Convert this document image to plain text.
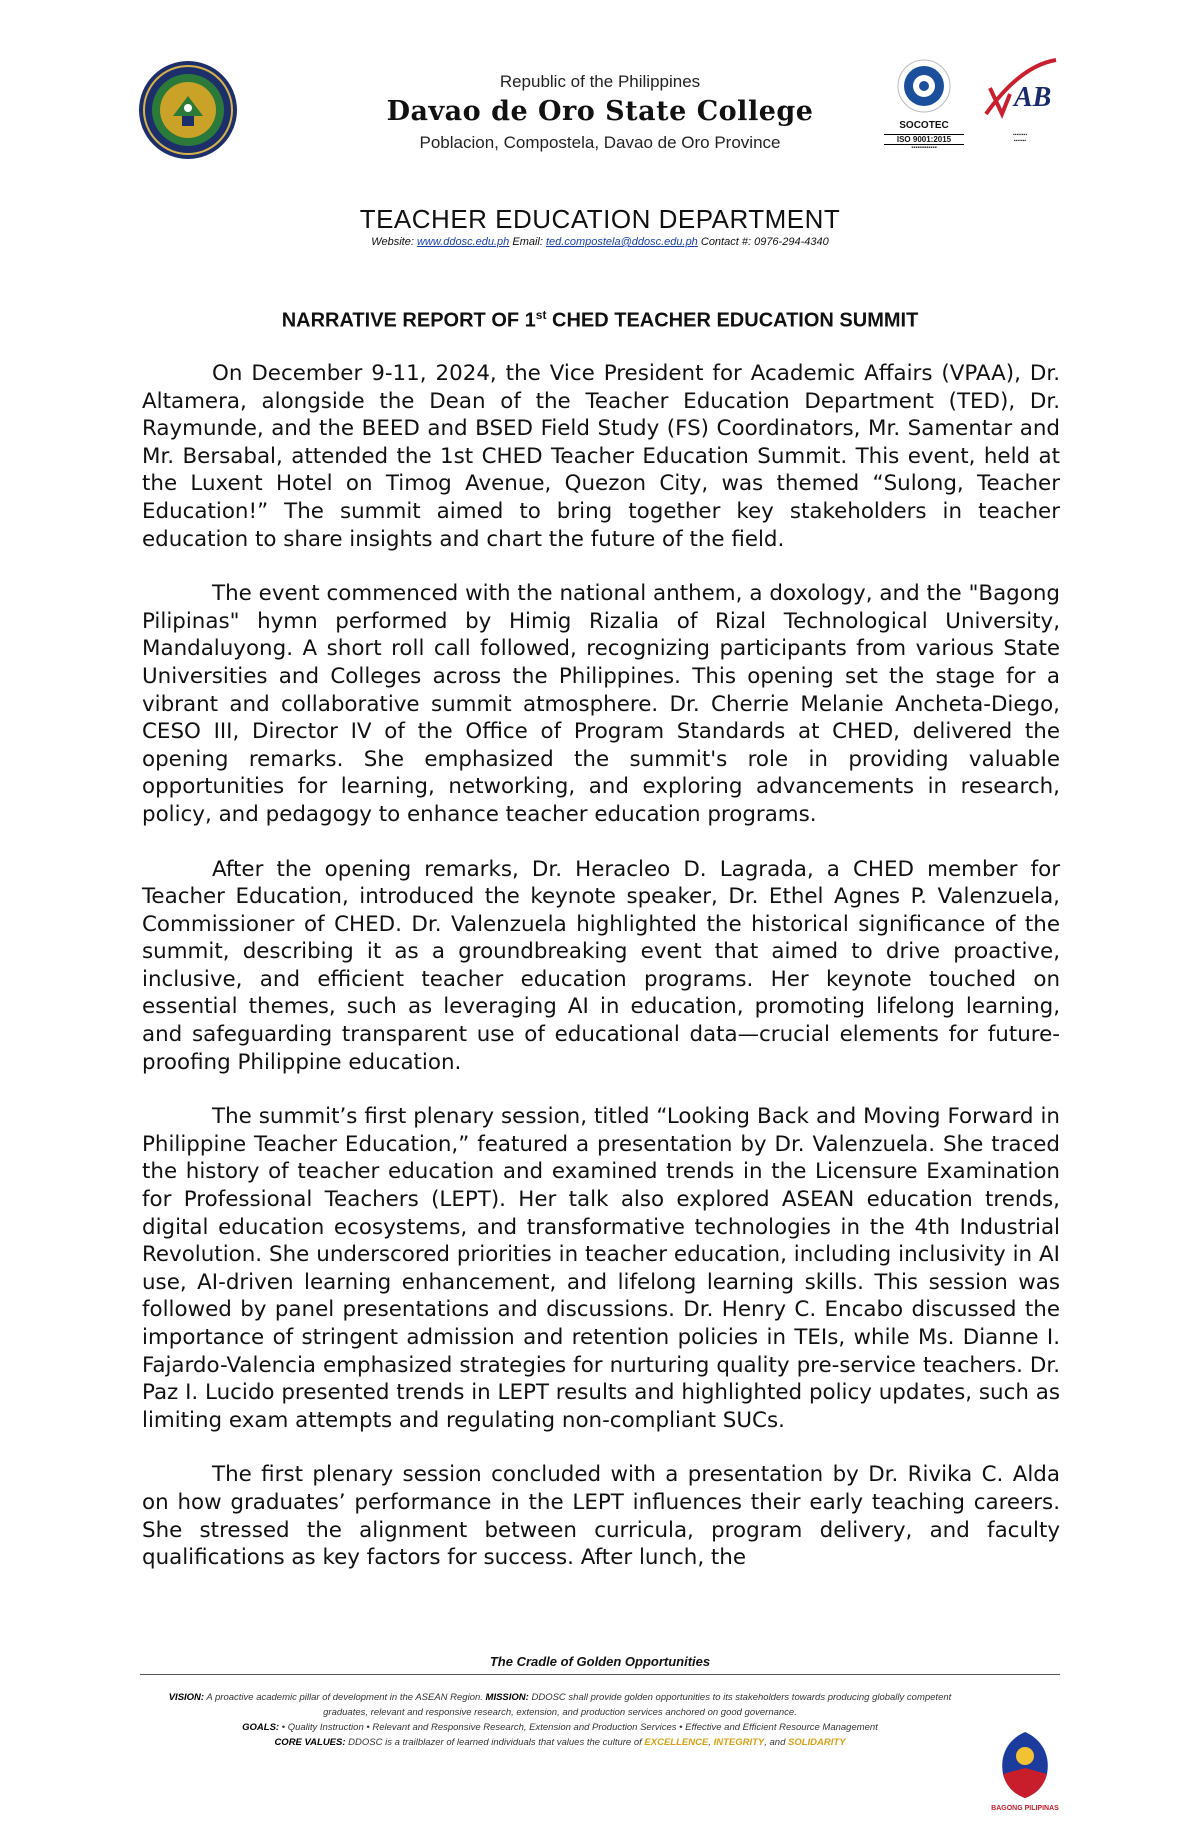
Republic of the Philippines
Davao de Oro State College
Poblacion, Compostela, Davao de Oro Province
SOCOTEC
ISO 9001:2015
▪▪▪▪▪▪▪▪▪▪▪▪
AB
▪▪▪▪▪▪▪▪
▪▪▪▪▪▪▪
TEACHER EDUCATION DEPARTMENT
Website: www.ddosc.edu.ph Email: ted.compostela@ddosc.edu.ph Contact #: 0976-294-4340
NARRATIVE REPORT OF 1st CHED TEACHER EDUCATION SUMMIT

On December 9-11, 2024, the Vice President for Academic Affairs (VPAA), Dr. Altamera, alongside the Dean of the Teacher Education Department (TED), Dr. Raymunde, and the BEED and BSED Field Study (FS) Coordinators, Mr. Samentar and Mr. Bersabal, attended the 1st CHED Teacher Education Summit. This event, held at the Luxent Hotel on Timog Avenue, Quezon City, was themed “Sulong, Teacher Education!” The summit aimed to bring together key stakeholders in teacher education to share insights and chart the future of the field.

The event commenced with the national anthem, a doxology, and the "Bagong Pilipinas" hymn performed by Himig Rizalia of Rizal Technological University, Mandaluyong. A short roll call followed, recognizing participants from various State Universities and Colleges across the Philippines. This opening set the stage for a vibrant and collaborative summit atmosphere. Dr. Cherrie Melanie Ancheta-Diego, CESO III, Director IV of the Office of Program Standards at CHED, delivered the opening remarks. She emphasized the summit's role in providing valuable opportunities for learning, networking, and exploring advancements in research, policy, and pedagogy to enhance teacher education programs.

After the opening remarks, Dr. Heracleo D. Lagrada, a CHED member for Teacher Education, introduced the keynote speaker, Dr. Ethel Agnes P. Valenzuela, Commissioner of CHED. Dr. Valenzuela highlighted the historical significance of the summit, describing it as a groundbreaking event that aimed to drive proactive, inclusive, and efficient teacher education programs. Her keynote touched on essential themes, such as leveraging AI in education, promoting lifelong learning, and safeguarding transparent use of educational data—crucial elements for future-proofing Philippine education.

The summit’s first plenary session, titled “Looking Back and Moving Forward in Philippine Teacher Education,” featured a presentation by Dr. Valenzuela. She traced the history of teacher education and examined trends in the Licensure Examination for Professional Teachers (LEPT). Her talk also explored ASEAN education trends, digital education ecosystems, and transformative technologies in the 4th Industrial Revolution. She underscored priorities in teacher education, including inclusivity in AI use, AI-driven learning enhancement, and lifelong learning skills. This session was followed by panel presentations and discussions. Dr. Henry C. Encabo discussed the importance of stringent admission and retention policies in TEIs, while Ms. Dianne I. Fajardo-Valencia emphasized strategies for nurturing quality pre-service teachers. Dr. Paz I. Lucido presented trends in LEPT results and highlighted policy updates, such as limiting exam attempts and regulating non-compliant SUCs.

The first plenary session concluded with a presentation by Dr. Rivika C. Alda on how graduates’ performance in the LEPT influences their early teaching careers. She stressed the alignment between curricula, program delivery, and faculty qualifications as key factors for success. After lunch, the

The Cradle of Golden Opportunities
VISION: A proactive academic pillar of development in the ASEAN Region. MISSION: DDOSC shall provide golden opportunities to its stakeholders towards producing globally competent graduates, relevant and responsive research, extension, and production services anchored on good governance.
GOALS: • Quality Instruction • Relevant and Responsive Research, Extension and Production Services • Effective and Efficient Resource Management
CORE VALUES: DDOSC is a trailblazer of learned individuals that values the culture of EXCELLENCE, INTEGRITY, and SOLIDARITY
BAGONG PILIPINAS
